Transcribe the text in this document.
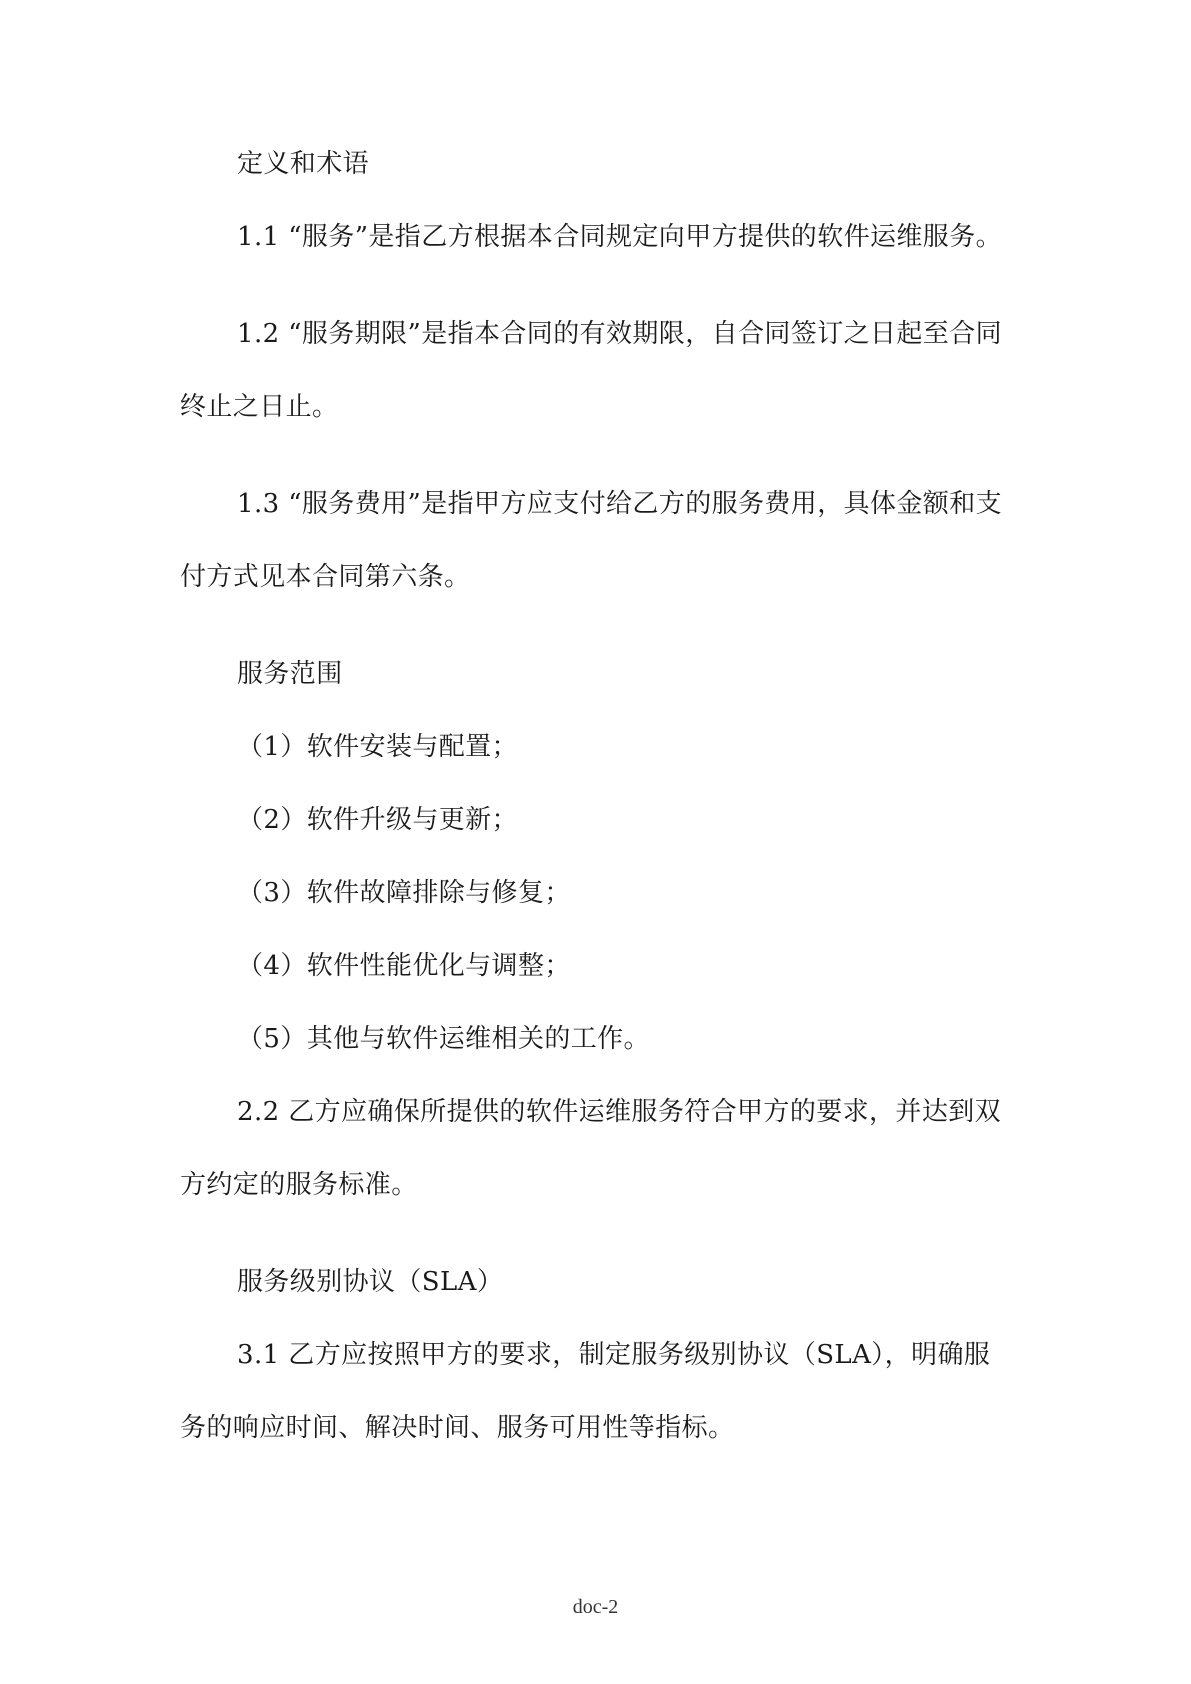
定义和术语

1.1 “服务”是指乙方根据本合同规定向甲方提供的软件运维服务。

1.2 “服务期限”是指本合同的有效期限，自合同签订之日起至合同终止之日止。

1.3 “服务费用”是指甲方应支付给乙方的服务费用，具体金额和支付方式见本合同第六条。

服务范围

（1）软件安装与配置；

（2）软件升级与更新；

（3）软件故障排除与修复；

（4）软件性能优化与调整；

（5）其他与软件运维相关的工作。

2.2 乙方应确保所提供的软件运维服务符合甲方的要求，并达到双方约定的服务标准。

服务级别协议（SLA）

3.1 乙方应按照甲方的要求，制定服务级别协议（SLA），明确服务的响应时间、解决时间、服务可用性等指标。

doc-2
